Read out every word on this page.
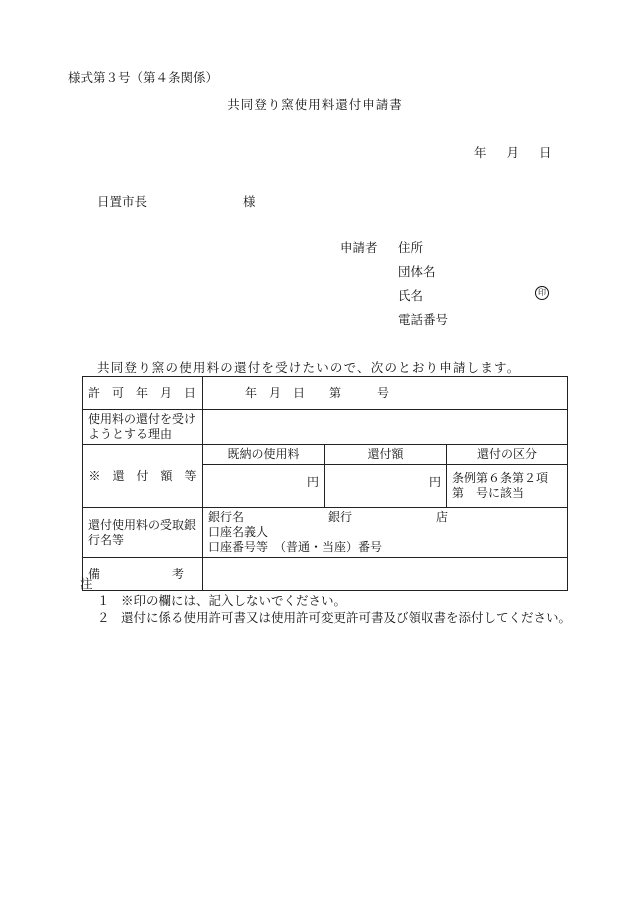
様式第３号（第４条関係）
共同登り窯使用料還付申請書
年 月 日
日置市長	様
申請者 住所
団体名
氏名	印
電話番号
共同登り窯の使用料の還付を受けたいので、次のとおり申請します。
許　可　年　月　日	年　月　日　　第　　　号		
使用料の還付を受けようとする理由			
※　還　付　額　等	既納の使用料	還付額	還付の区分
	円	円	条例第６条第２項
第　号に該当

還付使用料の受取銀行名等	銀行名　　　　　　　銀行　　　　　　　店
口座名義人
口座番号等　（普通・当座）番号		

備　　　　　　考			
注
１ ※印の欄には、記入しないでください。
２ 還付に係る使用許可書又は使用許可変更許可書及び領収書を添付してください。
